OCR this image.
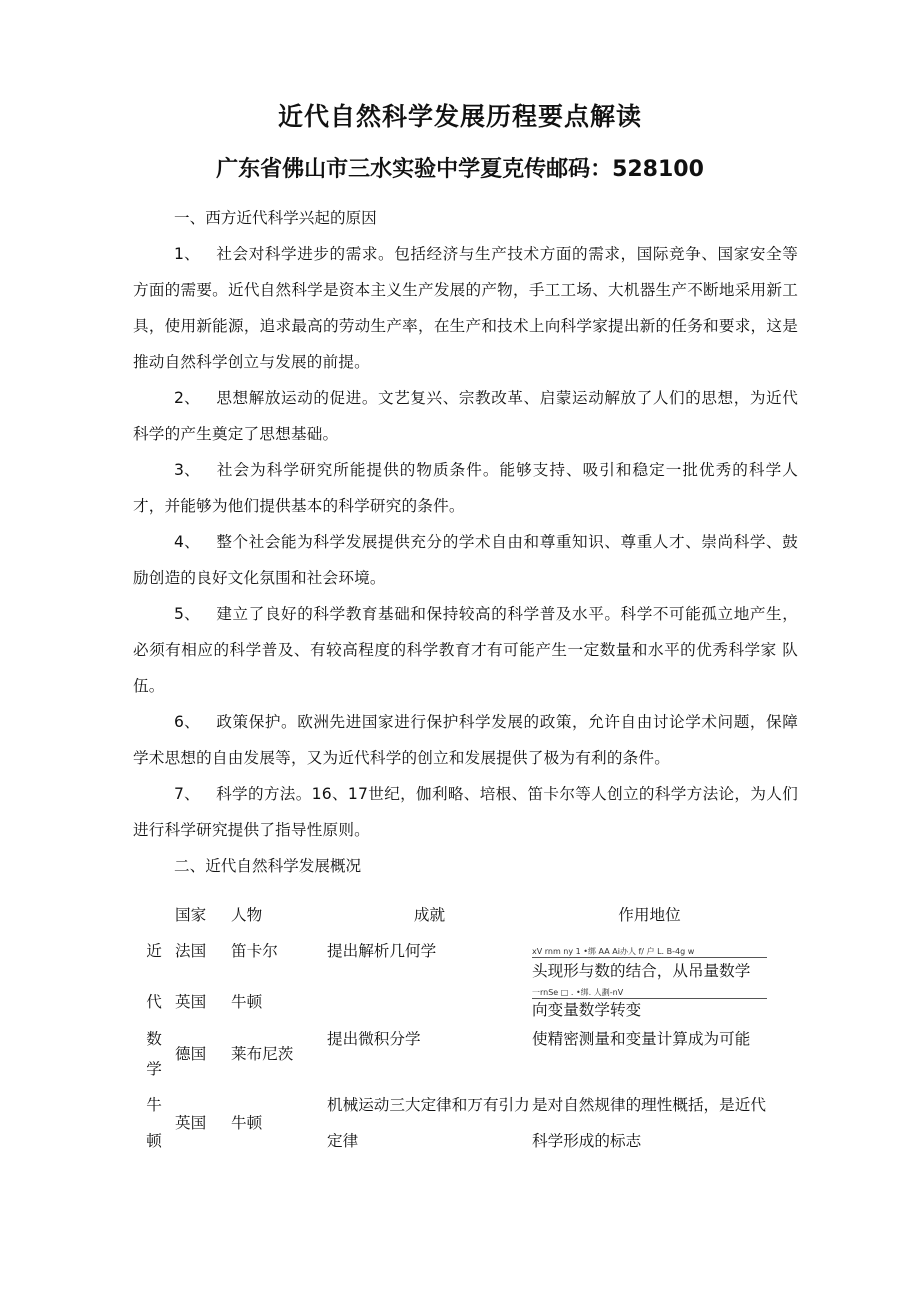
近代自然科学发展历程要点解读
广东省佛山市三水实验中学夏克传邮码：528100

一、西方近代科学兴起的原因

1、 社会对科学进步的需求。包括经济与生产技术方面的需求，国际竞争、国家安全等方面的需要。近代自然科学是资本主义生产发展的产物，手工工场、大机器生产不断地采用新工具，使用新能源，追求最高的劳动生产率，在生产和技术上向科学家提出新的任务和要求，这是推动自然科学创立与发展的前提。

2、 思想解放运动的促进。文艺复兴、宗教改革、启蒙运动解放了人们的思想，为近代科学的产生奠定了思想基础。

3、 社会为科学研究所能提供的物质条件。能够支持、吸引和稳定一批优秀的科学人才，并能够为他们提供基本的科学研究的条件。

4、 整个社会能为科学发展提供充分的学术自由和尊重知识、尊重人才、崇尚科学、鼓励创造的良好文化氛围和社会环境。

5、 建立了良好的科学教育基础和保持较高的科学普及水平。科学不可能孤立地产生， 必须有相应的科学普及、有较高程度的科学教育才有可能产生一定数量和水平的优秀科学家 队伍。

6、 政策保护。欧洲先进国家进行保护科学发展的政策，允许自由讨论学术问题，保障学术思想的自由发展等，又为近代科学的创立和发展提供了极为有利的条件。

7、 科学的方法。16、17世纪，伽利略、培根、笛卡尔等人创立的科学方法论，为人们进行科学研究提供了指导性原则。

二、近代自然科学发展概况

	国家	人物	成就	作用地位
近	法国	笛卡尔	提出解析几何学	xV rnm ny 1 •绑 AA Ai办人 f/ 户 L. B-4g w
头现形与数的结合，从吊量数学

代	英国	牛顿		一rnSe □ . •绑. 人劃-nV
向变量数学转变

数
学	德国	莱布尼茨	提出微积分学	使精密测量和变量计算成为可能

牛
顿	英国	牛顿	机械运动三大定律和万有引力定律	是对自然规律的理性概括，是近代科学形成的标志
